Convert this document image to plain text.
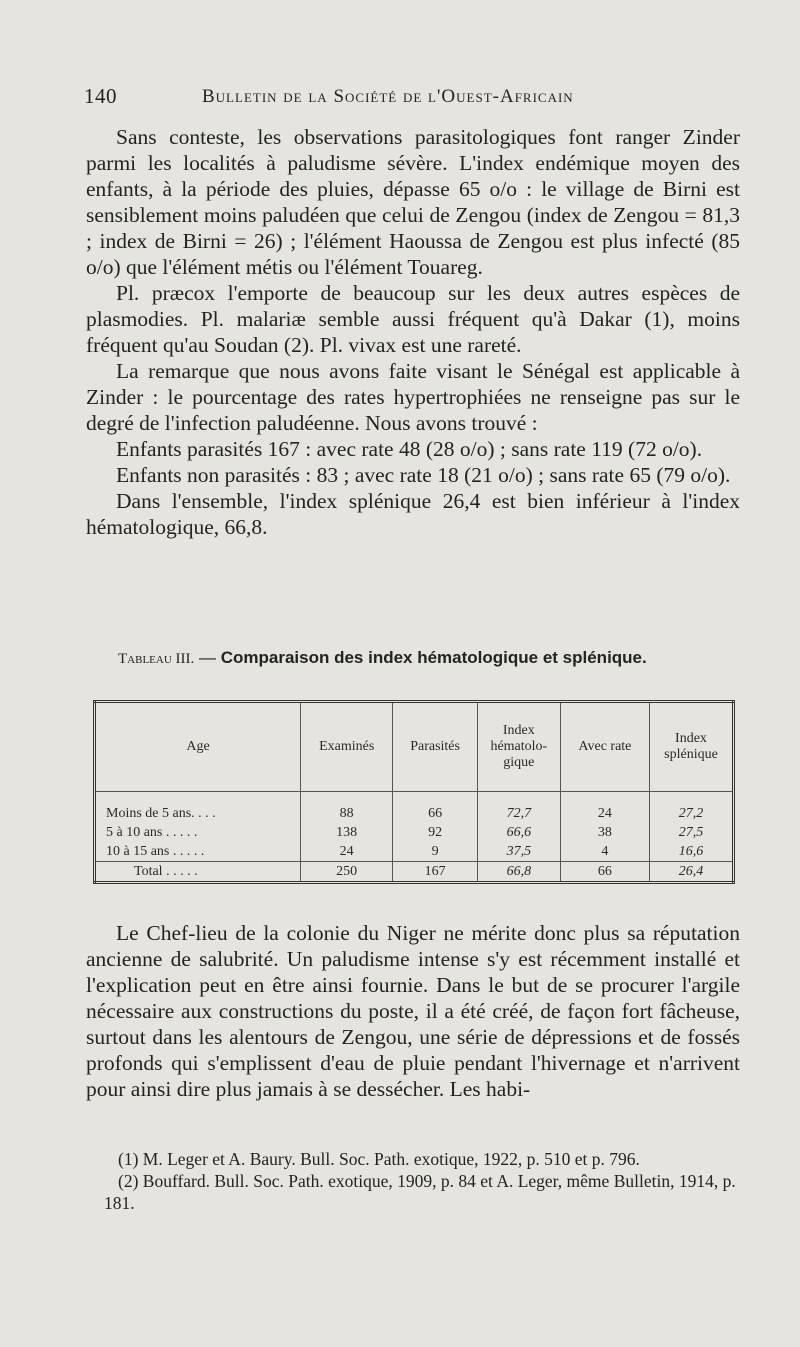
140	Bulletin de la Société de l'Ouest-Africain

Sans conteste, les observations parasitologiques font ranger Zinder parmi les localités à paludisme sévère. L'index endémique moyen des enfants, à la période des pluies, dépasse 65 o/o : le village de Birni est sensiblement moins paludéen que celui de Zengou (index de Zengou = 81,3 ; index de Birni = 26) ; l'élément Haoussa de Zengou est plus infecté (85 o/o) que l'élément métis ou l'élément Touareg.

Pl. præcox l'emporte de beaucoup sur les deux autres espèces de plasmodies. Pl. malariæ semble aussi fréquent qu'à Dakar (1), moins fréquent qu'au Soudan (2). Pl. vivax est une rareté.

La remarque que nous avons faite visant le Sénégal est applicable à Zinder : le pourcentage des rates hypertrophiées ne renseigne pas sur le degré de l'infection paludéenne. Nous avons trouvé :

Enfants parasités 167 : avec rate 48 (28 o/o) ; sans rate 119 (72 o/o).

Enfants non parasités : 83 ; avec rate 18 (21 o/o) ; sans rate 65 (79 o/o).

Dans l'ensemble, l'index splénique 26,4 est bien inférieur à l'index hématologique, 66,8.

Tableau III. — Comparaison des index hématologique et splénique.
Age	Examinés	Parasités	Index hématolo-gique	Avec rate	Index splénique
Moins de 5 ans. . . .	88	66	72,7	24	27,2
5 à 10 ans . . . . .	138	92	66,6	38	27,5
10 à 15 ans . . . . .	24	9	37,5	4	16,6
Total . . . . .	250	167	66,8	66	26,4

Le Chef-lieu de la colonie du Niger ne mérite donc plus sa réputation ancienne de salubrité. Un paludisme intense s'y est récemment installé et l'explication peut en être ainsi fournie. Dans le but de se procurer l'argile nécessaire aux constructions du poste, il a été créé, de façon fort fâcheuse, surtout dans les alentours de Zengou, une série de dépressions et de fossés profonds qui s'emplissent d'eau de pluie pendant l'hivernage et n'arrivent pour ainsi dire plus jamais à se dessécher. Les habi-

(1) M. Leger et A. Baury. Bull. Soc. Path. exotique, 1922, p. 510 et p. 796.

(2) Bouffard. Bull. Soc. Path. exotique, 1909, p. 84 et A. Leger, même Bulletin, 1914, p. 181.
